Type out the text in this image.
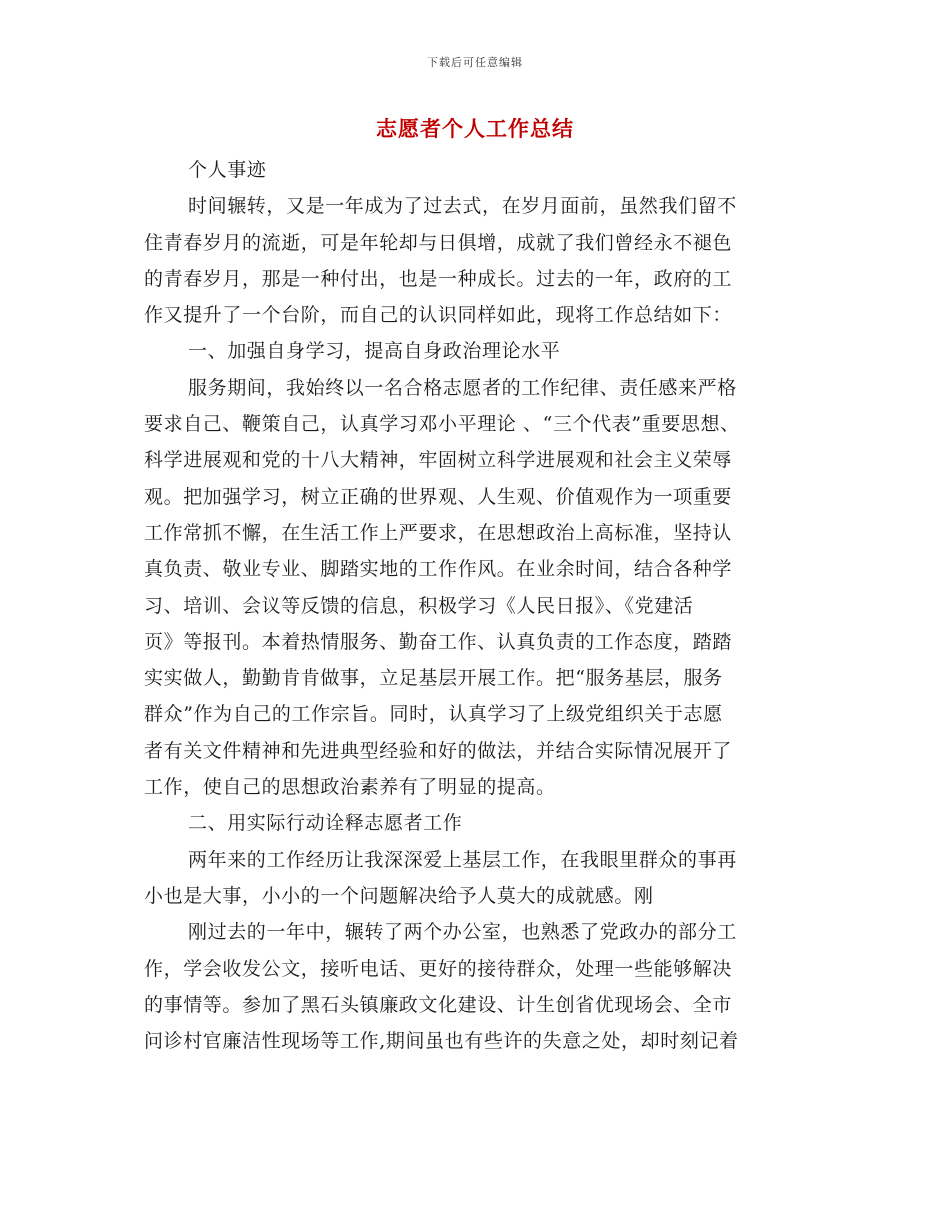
下载后可任意编辑
志愿者个人工作总结
个人事迹
时间辗转，又是一年成为了过去式，在岁月面前，虽然我们留不
住青春岁月的流逝，可是年轮却与日俱增，成就了我们曾经永不褪色
的青春岁月，那是一种付出，也是一种成长。过去的一年，政府的工
作又提升了一个台阶，而自己的认识同样如此，现将工作总结如下：
一、加强自身学习，提高自身政治理论水平
服务期间，我始终以一名合格志愿者的工作纪律、责任感来严格
要求自己、鞭策自己，认真学习邓小平理论 、“三个代表”重要思想、
科学进展观和党的十八大精神，牢固树立科学进展观和社会主义荣辱
观。把加强学习，树立正确的世界观、人生观、价值观作为一项重要
工作常抓不懈，在生活工作上严要求，在思想政治上高标准，坚持认
真负责、敬业专业、脚踏实地的工作作风。在业余时间，结合各种学
习、培训、会议等反馈的信息，积极学习《人民日报》、《党建活
页》等报刊。本着热情服务、勤奋工作、认真负责的工作态度，踏踏
实实做人，勤勤肯肯做事，立足基层开展工作。把“服务基层，服务
群众”作为自己的工作宗旨。同时，认真学习了上级党组织关于志愿
者有关文件精神和先进典型经验和好的做法，并结合实际情况展开了
工作，使自己的思想政治素养有了明显的提高。
二、用实际行动诠释志愿者工作
两年来的工作经历让我深深爱上基层工作，在我眼里群众的事再
小也是大事，小小的一个问题解决给予人莫大的成就感。刚
刚过去的一年中，辗转了两个办公室，也熟悉了党政办的部分工
作，学会收发公文，接听电话、更好的接待群众，处理一些能够解决
的事情等。参加了黑石头镇廉政文化建设、计生创省优现场会、全市
问诊村官廉洁性现场等工作,期间虽也有些许的失意之处，却时刻记着
